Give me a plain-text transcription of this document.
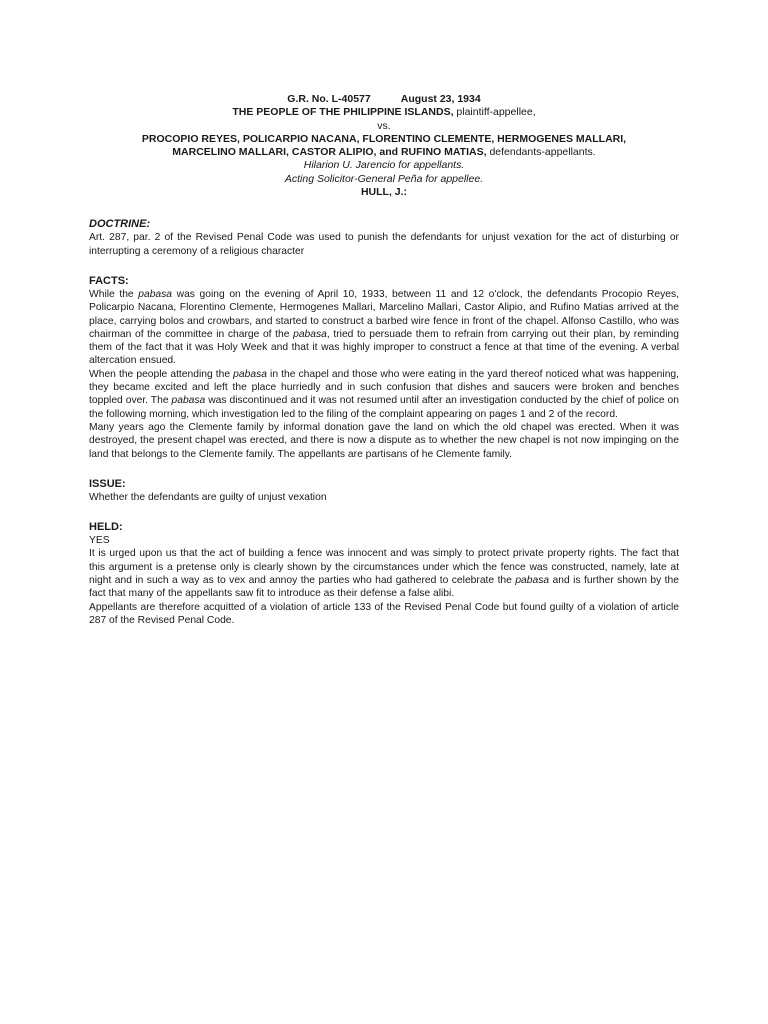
G.R. No. L-40577	August 23, 1934
THE PEOPLE OF THE PHILIPPINE ISLANDS, plaintiff-appellee,
vs.
PROCOPIO REYES, POLICARPIO NACANA, FLORENTINO CLEMENTE, HERMOGENES MALLARI,
MARCELINO MALLARI, CASTOR ALIPIO, and RUFINO MATIAS, defendants-appellants.
Hilarion U. Jarencio for appellants.
Acting Solicitor-General Peña for appellee.
HULL, J.:
DOCTRINE:

Art. 287, par. 2 of the Revised Penal Code was used to punish the defendants for unjust vexation for the act of disturbing or interrupting a ceremony of a religious character

FACTS:

While the pabasa was going on the evening of April 10, 1933, between 11 and 12 o'clock, the defendants Procopio Reyes, Policarpio Nacana, Florentino Clemente, Hermogenes Mallari, Marcelino Mallari, Castor Alipio, and Rufino Matias arrived at the place, carrying bolos and crowbars, and started to construct a barbed wire fence in front of the chapel. Alfonso Castillo, who was chairman of the committee in charge of the pabasa, tried to persuade them to refrain from carrying out their plan, by reminding them of the fact that it was Holy Week and that it was highly improper to construct a fence at that time of the evening. A verbal altercation ensued.

When the people attending the pabasa in the chapel and those who were eating in the yard thereof noticed what was happening, they became excited and left the place hurriedly and in such confusion that dishes and saucers were broken and benches toppled over. The pabasa was discontinued and it was not resumed until after an investigation conducted by the chief of police on the following morning, which investigation led to the filing of the complaint appearing on pages 1 and 2 of the record.

Many years ago the Clemente family by informal donation gave the land on which the old chapel was erected. When it was destroyed, the present chapel was erected, and there is now a dispute as to whether the new chapel is not now impinging on the land that belongs to the Clemente family. The appellants are partisans of he Clemente family.

ISSUE:

Whether the defendants are guilty of unjust vexation

HELD:

YES

It is urged upon us that the act of building a fence was innocent and was simply to protect private property rights. The fact that this argument is a pretense only is clearly shown by the circumstances under which the fence was constructed, namely, late at night and in such a way as to vex and annoy the parties who had gathered to celebrate the pabasa and is further shown by the fact that many of the appellants saw fit to introduce as their defense a false alibi.

Appellants are therefore acquitted of a violation of article 133 of the Revised Penal Code but found guilty of a violation of article 287 of the Revised Penal Code.
